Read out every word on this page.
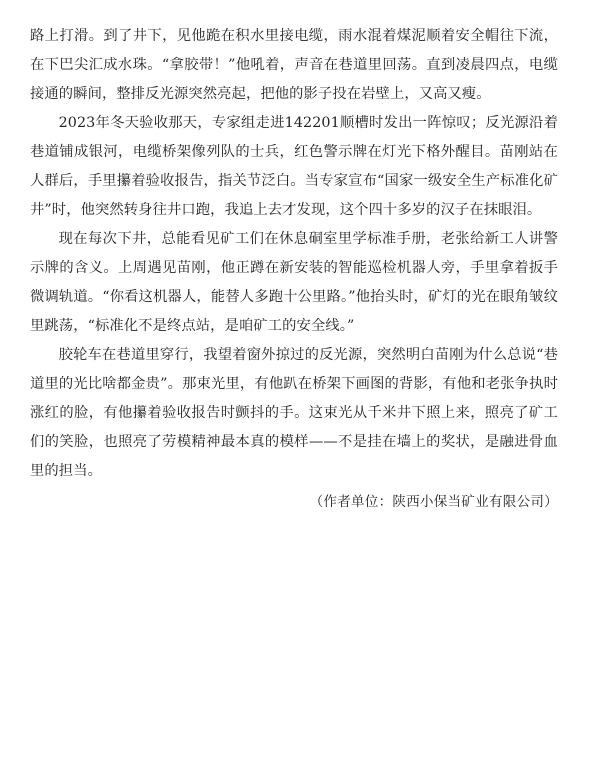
路上打滑。到了井下，见他跪在积水里接电缆，雨水混着煤泥顺着安全帽往下流，在下巴尖汇成水珠。“拿胶带！”他吼着，声音在巷道里回荡。直到凌晨四点，电缆接通的瞬间，整排反光源突然亮起，把他的影子投在岩壁上，又高又瘦。

2023年冬天验收那天，专家组走进142201顺槽时发出一阵惊叹；反光源沿着巷道铺成银河，电缆桥架像列队的士兵，红色警示牌在灯光下格外醒目。苗刚站在人群后，手里攥着验收报告，指关节泛白。当专家宣布“国家一级安全生产标准化矿井”时，他突然转身往井口跑，我追上去才发现，这个四十多岁的汉子在抹眼泪。

现在每次下井，总能看见矿工们在休息硐室里学标准手册，老张给新工人讲警示牌的含义。上周遇见苗刚，他正蹲在新安装的智能巡检机器人旁，手里拿着扳手微调轨道。“你看这机器人，能替人多跑十公里路。”他抬头时，矿灯的光在眼角皱纹里跳荡，“标准化不是终点站，是咱矿工的安全线。”

胶轮车在巷道里穿行，我望着窗外掠过的反光源，突然明白苗刚为什么总说“巷道里的光比啥都金贵”。那束光里，有他趴在桥架下画图的背影，有他和老张争执时涨红的脸，有他攥着验收报告时颤抖的手。这束光从千米井下照上来，照亮了矿工们的笑脸，也照亮了劳模精神最本真的模样——不是挂在墙上的奖状，是融进骨血里的担当。

（作者单位：陕西小保当矿业有限公司）
